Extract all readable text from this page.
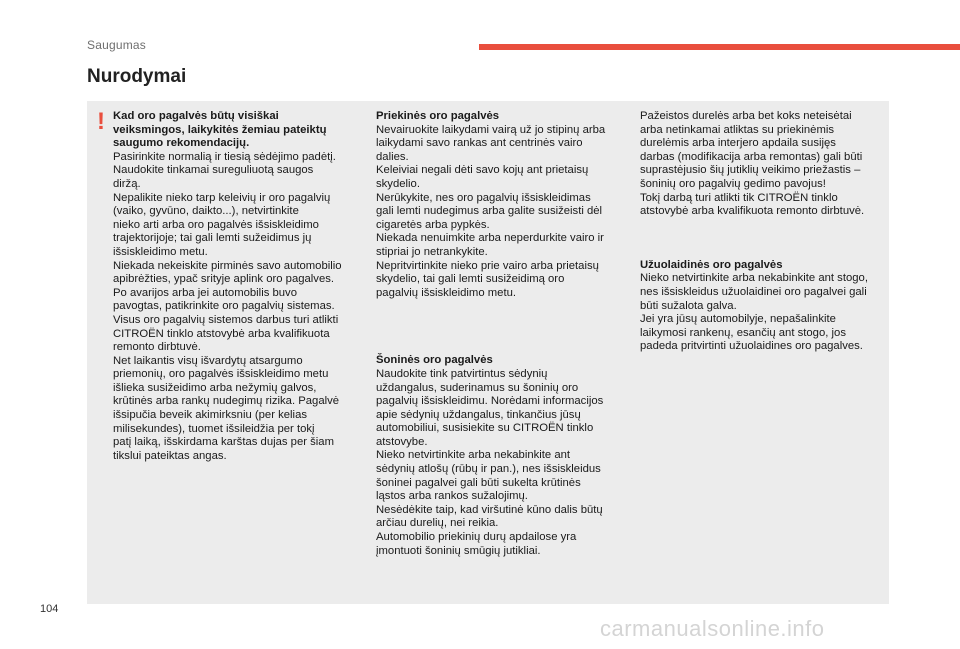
Saugumas
Nurodymai
! Kad oro pagalvės būtų visiškai
veiksmingos, laikykitės žemiau pateiktų
saugumo rekomendacijų.

Pasirinkite normalią ir tiesią sėdėjimo padėtį.
Naudokite tinkamai sureguliuotą saugos
diržą.
Nepalikite nieko tarp keleivių ir oro pagalvių
(vaiko, gyvūno, daikto...), netvirtinkite
nieko arti arba oro pagalvės išsiskleidimo
trajektorijoje; tai gali lemti sužeidimus jų
išsiskleidimo metu.
Niekada nekeiskite pirminės savo automobilio
apibrėžties, ypač srityje aplink oro pagalves.
Po avarijos arba jei automobilis buvo
pavogtas, patikrinkite oro pagalvių sistemas.
Visus oro pagalvių sistemos darbus turi atlikti
CITROËN tinklo atstovybė arba kvalifikuota
remonto dirbtuvė.
Net laikantis visų išvardytų atsargumo
priemonių, oro pagalvės išsiskleidimo metu
išlieka susižeidimo arba nežymių galvos,
krūtinės arba rankų nudegimų rizika. Pagalvė
išsipučia beveik akimirksniu (per kelias
milisekundes), tuomet išsileidžia per tokį
patį laiką, išskirdama karštas dujas per šiam
tikslui pateiktas angas.

Priekinės oro pagalvės

Nevairuokite laikydami vairą už jo stipinų arba
laikydami savo rankas ant centrinės vairo
dalies.
Keleiviai negali dėti savo kojų ant prietaisų
skydelio.
Nerūkykite, nes oro pagalvių išsiskleidimas
gali lemti nudegimus arba galite susižeisti dėl
cigaretės arba pypkės.
Niekada nenuimkite arba neperdurkite vairo ir
stipriai jo netrankykite.
Nepritvirtinkite nieko prie vairo arba prietaisų
skydelio, tai gali lemti susižeidimą oro
pagalvių išsiskleidimo metu.

Šoninės oro pagalvės

Naudokite tink patvirtintus sėdynių
uždangalus, suderinamus su šoninių oro
pagalvių išsiskleidimu. Norėdami informacijos
apie sėdynių uždangalus, tinkančius jūsų
automobiliui, susisiekite su CITROËN tinklo
atstovybe.
Nieko netvirtinkite arba nekabinkite ant
sėdynių atlošų (rūbų ir pan.), nes išsiskleidus
šoninei pagalvei gali būti sukelta krūtinės
ląstos arba rankos sužalojimų.
Nesėdėkite taip, kad viršutinė kūno dalis būtų
arčiau durelių, nei reikia.
Automobilio priekinių durų apdailose yra
įmontuoti šoninių smūgių jutikliai.

Pažeistos durelės arba bet koks neteisėtai
arba netinkamai atliktas su priekinėmis
durelėmis arba interjero apdaila susijęs
darbas (modifikacija arba remontas) gali būti
suprastėjusio šių jutiklių veikimo priežastis –
šoninių oro pagalvių gedimo pavojus!
Tokį darbą turi atlikti tik CITROËN tinklo
atstovybė arba kvalifikuota remonto dirbtuvė.

Užuolaidinės oro pagalvės

Nieko netvirtinkite arba nekabinkite ant stogo,
nes išsiskleidus užuolaidinei oro pagalvei gali
būti sužalota galva.
Jei yra jūsų automobilyje, nepašalinkite
laikymosi rankenų, esančių ant stogo, jos
padeda pritvirtinti užuolaidines oro pagalves.

104
carmanualsonline.info
